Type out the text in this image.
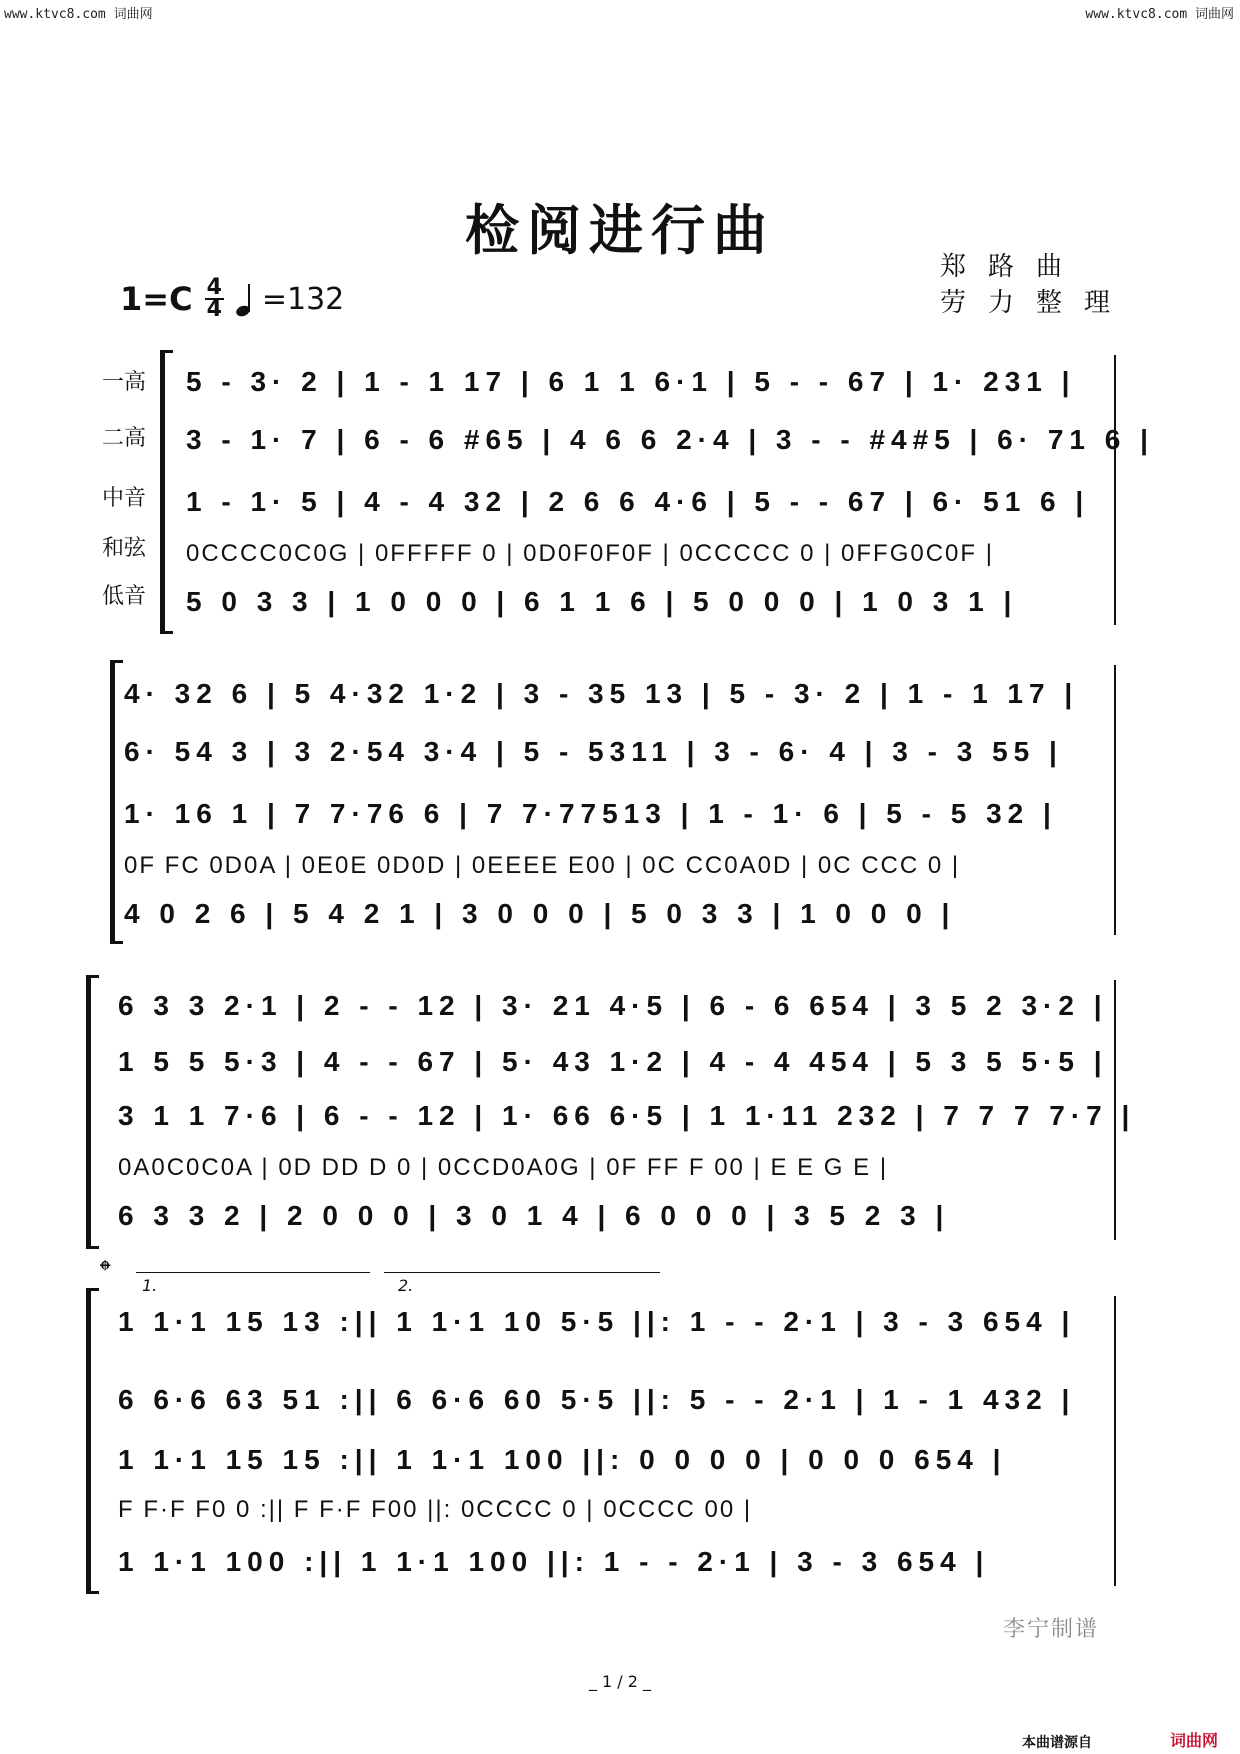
www.ktvc8.com 词曲网	www.ktvc8.com 词曲网
检阅进行曲
郑路曲
劳力整理
$1=C \frac{4}{4} =132$
一高
二高
中音
和弦
低音
5 - 3· 2 | 1 - 1 17 | 6 1 1 6·1 | 5 - - 67 | 1· 231 |
3 - 1· 7 | 6 - 6 #65 | 4 6 6 2·4 | 3 - - #4#5 | 6· 71 6 |
1 - 1· 5 | 4 - 4 32 | 2 6 6 4·6 | 5 - - 67 | 6· 51 6 |
0CCCC0C0G | 0FFFFF 0 | 0D0F0F0F | 0CCCCC 0 | 0FFG0C0F |
5 0 3 3 | 1 0 0 0 | 6 1 1 6 | 5 0 0 0 | 1 0 3 1 |
4· 32 6 | 5 4·32 1·2 | 3 - 35 13 | 5 - 3· 2 | 1 - 1 17 |
6· 54 3 | 3 2·54 3·4 | 5 - 5311 | 3 - 6· 4 | 3 - 3 55 |
1· 16 1 | 7 7·76 6 | 7 7·77513 | 1 - 1· 6 | 5 - 5 32 |
0F FC 0D0A | 0E0E 0D0D | 0EEEE E00 | 0C CC0A0D | 0C CCC 0 |
4 0 2 6 | 5 4 2 1 | 3 0 0 0 | 5 0 3 3 | 1 0 0 0 |
6 3 3 2·1 | 2 - - 12 | 3· 21 4·5 | 6 - 6 654 | 3 5 2 3·2 |
1 5 5 5·3 | 4 - - 67 | 5· 43 1·2 | 4 - 4 454 | 5 3 5 5·5 |
3 1 1 7·6 | 6 - - 12 | 1· 66 6·5 | 1 1·11 232 | 7 7 7 7·7 |
0A0C0C0A | 0D DD D 0 | 0CCD0A0G | 0F FF F 00 | E E G E |
6 3 3 2 | 2 0 0 0 | 3 0 1 4 | 6 0 0 0 | 3 5 2 3 |
𝄌 1.	2.
1 1·1 15 13 :|| 1 1·1 10 5·5 ||: 1 - - 2·1 | 3 - 3 654 |
6 6·6 63 51 :|| 6 6·6 60 5·5 ||: 5 - - 2·1 | 1 - 1 432 |
1 1·1 15 15 :|| 1 1·1 100 ||: 0 0 0 0 | 0 0 0 654 |
F F·F F0 0 :|| F F·F F00 ||: 0CCCC 0 | 0CCCC 00 |
1 1·1 100 :|| 1 1·1 100 ||: 1 - - 2·1 | 3 - 3 654 |
李宁制谱
_ 1 / 2 _
本曲谱源自	词曲网
